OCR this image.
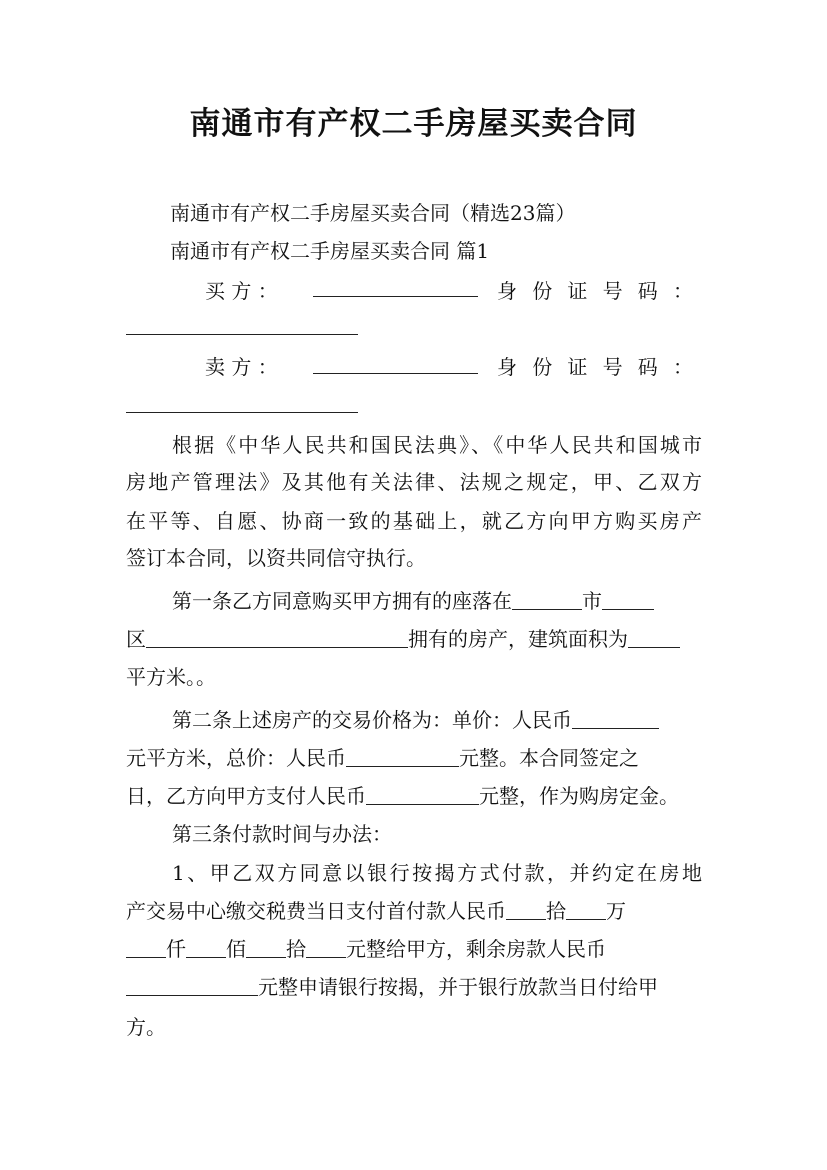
南通市有产权二手房屋买卖合同
南通市有产权二手房屋买卖合同（精选23篇）
南通市有产权二手房屋买卖合同 篇1
买 方 ：	身 份 证 号 码 ：
卖 方 ：	身 份 证 号 码 ：
根据《中华人民共和国民法典》、《中华人民共和国城市
房地产管理法》及其他有关法律、法规之规定，甲、乙双方
在平等、自愿、协商一致的基础上，就乙方向甲方购买房产
签订本合同，以资共同信守执行。
第一条乙方同意购买甲方拥有的座落在	市
区	拥有的房产，建筑面积为
平方米。。
第二条上述房产的交易价格为：单价：人民币
元平方米，总价：人民币	元整。本合同签定之
日，乙方向甲方支付人民币	元整，作为购房定金。
第三条付款时间与办法：
1、甲乙双方同意以银行按揭方式付款，并约定在房地
产交易中心缴交税费当日支付首付款人民币 拾 万
仟 佰 拾 元整给甲方，剩余房款人民币
元整申请银行按揭，并于银行放款当日付给甲
方。
